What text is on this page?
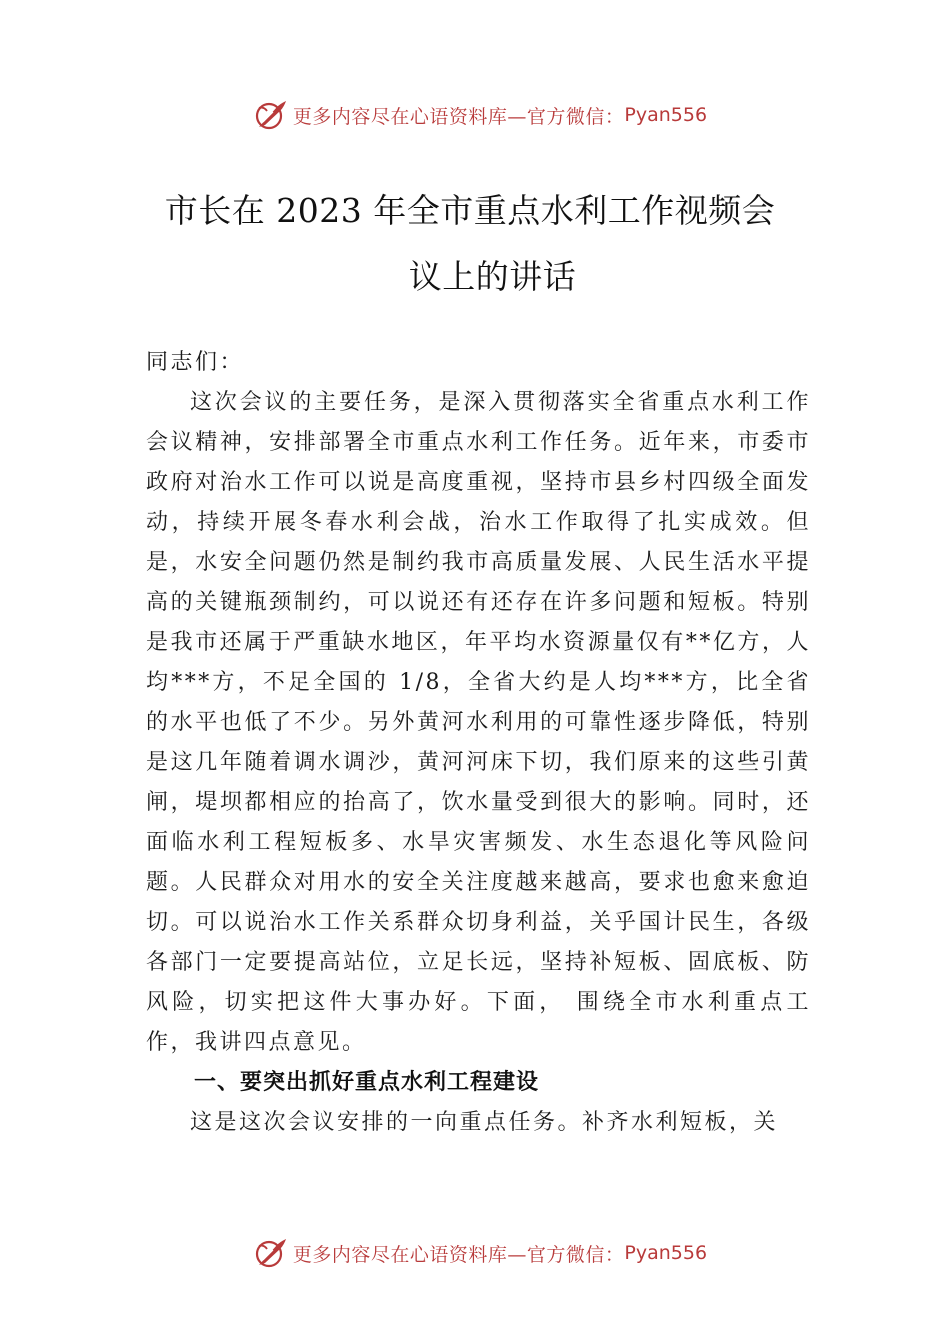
更多内容尽在心语资料库—官方微信： Pyan556
市长在 2023 年全市重点水利工作视频会
议上的讲话

同志们：

这次会议的主要任务，是深入贯彻落实全省重点水利工作会议精神，安排部署全市重点水利工作任务。近年来，市委市政府对治水工作可以说是高度重视，坚持市县乡村四级全面发动，持续开展冬春水利会战，治水工作取得了扎实成效。但是，水安全问题仍然是制约我市高质量发展、人民生活水平提高的关键瓶颈制约，可以说还有还存在许多问题和短板。特别是我市还属于严重缺水地区，年平均水资源量仅有**亿方，人均***方，不足全国的 1/8，全省大约是人均***方，比全省的水平也低了不少。另外黄河水利用的可靠性逐步降低，特别是这几年随着调水调沙，黄河河床下切，我们原来的这些引黄闸，堤坝都相应的抬高了，饮水量受到很大的影响。同时，还面临水利工程短板多、水旱灾害频发、水生态退化等风险问题。人民群众对用水的安全关注度越来越高，要求也愈来愈迫切。可以说治水工作关系群众切身利益，关乎国计民生，各级各部门一定要提高站位，立足长远，坚持补短板、固底板、防风险，切实把这件大事办好。下面， 围绕全市水利重点工作，我讲四点意见。

一、要突出抓好重点水利工程建设

这是这次会议安排的一向重点任务。补齐水利短板，关

更多内容尽在心语资料库—官方微信： Pyan556
